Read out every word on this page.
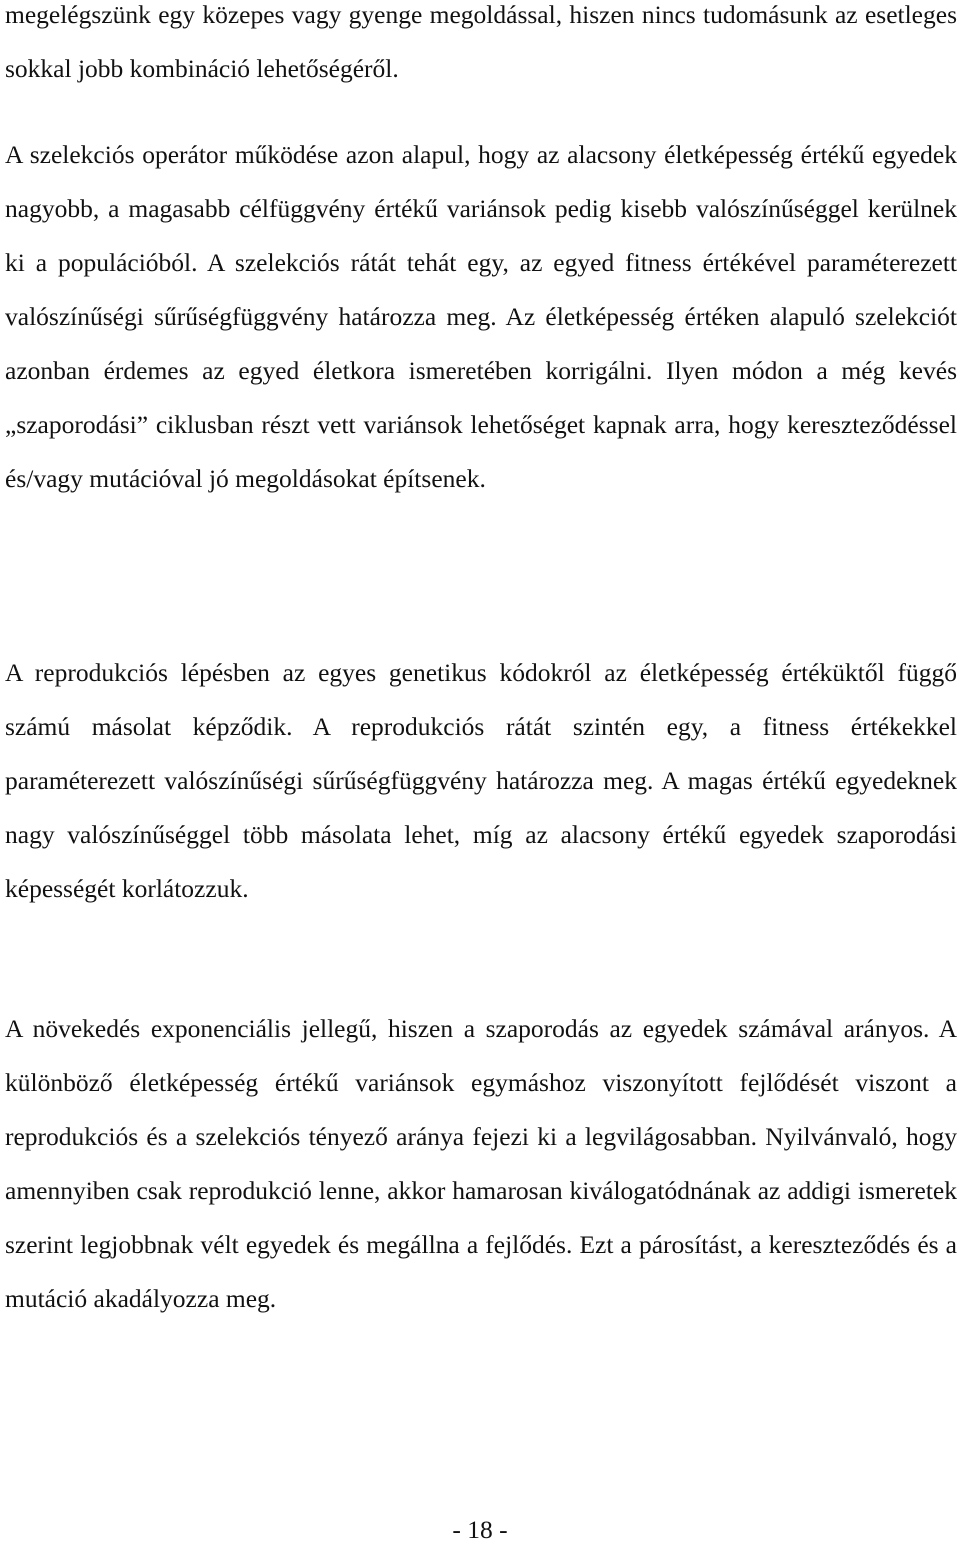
megelégszünk egy közepes vagy gyenge megoldással, hiszen nincs tudomásunk az esetleges sokkal jobb kombináció lehetőségéről.

A szelekciós operátor működése azon alapul, hogy az alacsony életképesség értékű egyedek nagyobb, a magasabb célfüggvény értékű variánsok pedig kisebb valószínűséggel kerülnek ki a populációból. A szelekciós rátát tehát egy, az egyed fitness értékével paraméterezett valószínűségi sűrűségfüggvény határozza meg. Az életképesség értéken alapuló szelekciót azonban érdemes az egyed életkora ismeretében korrigálni. Ilyen módon a még kevés „szaporodási” ciklusban részt vett variánsok lehetőséget kapnak arra, hogy kereszteződéssel és/vagy mutációval jó megoldásokat építsenek.

A reprodukciós lépésben az egyes genetikus kódokról az életképesség értéküktől függő számú másolat képződik. A reprodukciós rátát szintén egy, a fitness értékekkel paraméterezett valószínűségi sűrűségfüggvény határozza meg. A magas értékű egyedeknek nagy valószínűséggel több másolata lehet, míg az alacsony értékű egyedek szaporodási képességét korlátozzuk.

A növekedés exponenciális jellegű, hiszen a szaporodás az egyedek számával arányos. A különböző életképesség értékű variánsok egymáshoz viszonyított fejlődését viszont a reprodukciós és a szelekciós tényező aránya fejezi ki a legvilágosabban. Nyilvánvaló, hogy amennyiben csak reprodukció lenne, akkor hamarosan kiválogatódnának az addigi ismeretek szerint legjobbnak vélt egyedek és megállna a fejlődés. Ezt a párosítást, a kereszteződés és a mutáció akadályozza meg.

- 18 -
